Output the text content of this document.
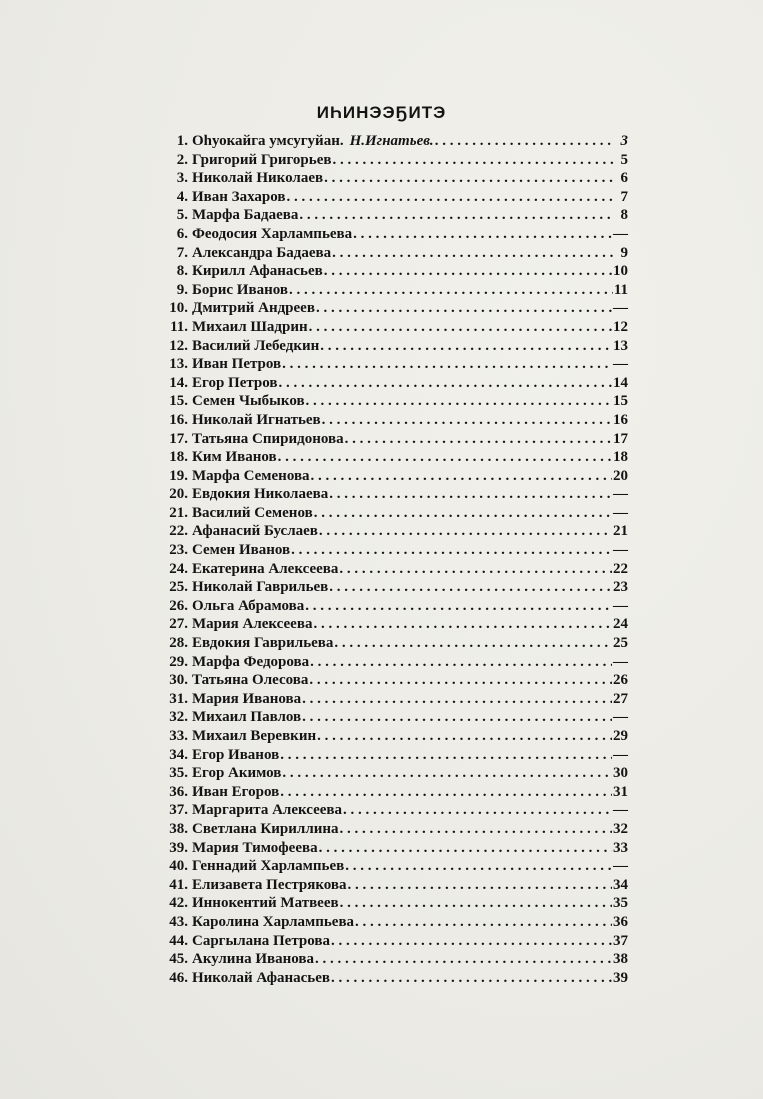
ИҺИНЭЭҔИТЭ
1. Оһуокайга умсугуйан. Н.Игнатьев. . . .	3
2. Григорий Григорьев . . .	5
3. Николай Николаев . . .	6
4. Иван Захаров . . .	7
5. Марфа Бадаева . . .	8
6. Феодосия Харлампьева . . .	—
7. Александра Бадаева . . .	9
8. Кирилл Афанасьев . . .	10
9. Борис Иванов . . .	11
10. Дмитрий Андреев . . .	—
11. Михаил Шадрин . . .	12
12. Василий Лебедкин . . .	13
13. Иван Петров . . .	—
14. Егор Петров . . .	14
15. Семен Чыбыков . . .	15
16. Николай Игнатьев . . .	16
17. Татьяна Спиридонова . . .	17
18. Ким Иванов . . .	18
19. Марфа Семенова . . .	20
20. Евдокия Николаева . . .	—
21. Василий Семенов . . .	—
22. Афанасий Буслаев . . .	21
23. Семен Иванов . . .	—
24. Екатерина Алексеева . . .	22
25. Николай Гаврильев . . .	23
26. Ольга Абрамова . . .	—
27. Мария Алексеева . . .	24
28. Евдокия Гаврильева . . .	25
29. Марфа Федорова . . .	—
30. Татьяна Олесова . . .	26
31. Мария Иванова . . .	27
32. Михаил Павлов . . .	—
33. Михаил Веревкин . . .	29
34. Егор Иванов . . .	—
35. Егор Акимов . . .	30
36. Иван Егоров . . .	31
37. Маргарита Алексеева . . .	—
38. Светлана Кириллина . . .	32
39. Мария Тимофеева . . .	33
40. Геннадий Харлампьев . . .	—
41. Елизавета Пестрякова . . .	34
42. Иннокентий Матвеев . . .	35
43. Каролина Харлампьева . . .	36
44. Саргылана Петрова . . .	37
45. Акулина Иванова . . .	38
46. Николай Афанасьев . . .	39
